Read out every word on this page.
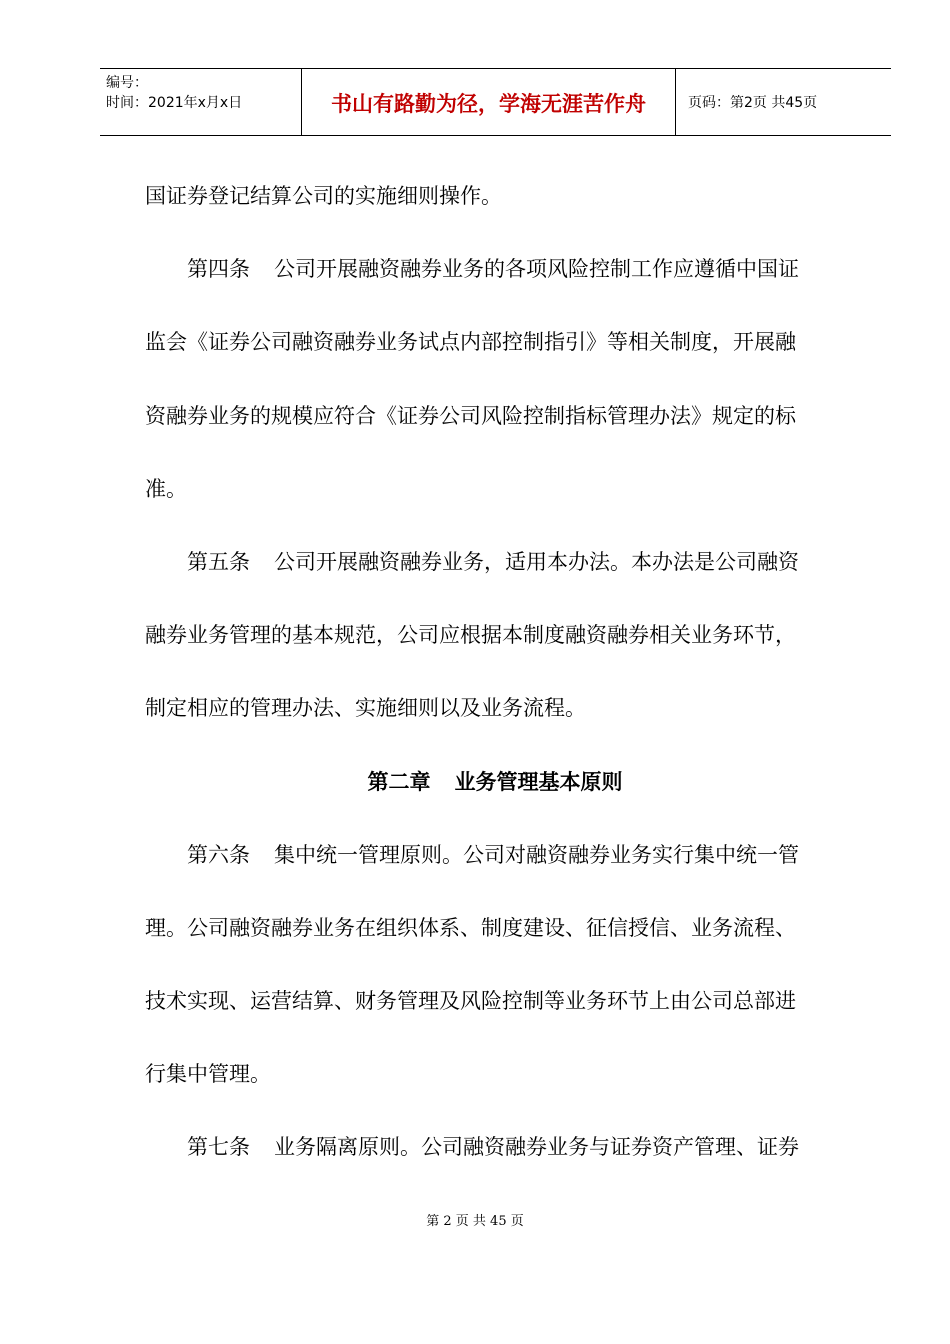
编号：
时间：2021年x月x日	书山有路勤为径，学海无涯苦作舟	页码：第2页 共45页
国证券登记结算公司的实施细则操作。
第四条 公司开展融资融券业务的各项风险控制工作应遵循中国证
监会《证券公司融资融券业务试点内部控制指引》等相关制度，开展融
资融券业务的规模应符合《证券公司风险控制指标管理办法》规定的标
准。
第五条 公司开展融资融券业务，适用本办法。本办法是公司融资
融券业务管理的基本规范，公司应根据本制度融资融券相关业务环节，
制定相应的管理办法、实施细则以及业务流程。
第二章 业务管理基本原则
第六条 集中统一管理原则。公司对融资融券业务实行集中统一管
理。公司融资融券业务在组织体系、制度建设、征信授信、业务流程、
技术实现、运营结算、财务管理及风险控制等业务环节上由公司总部进
行集中管理。
第七条 业务隔离原则。公司融资融券业务与证券资产管理、证券
第 2 页 共 45 页
